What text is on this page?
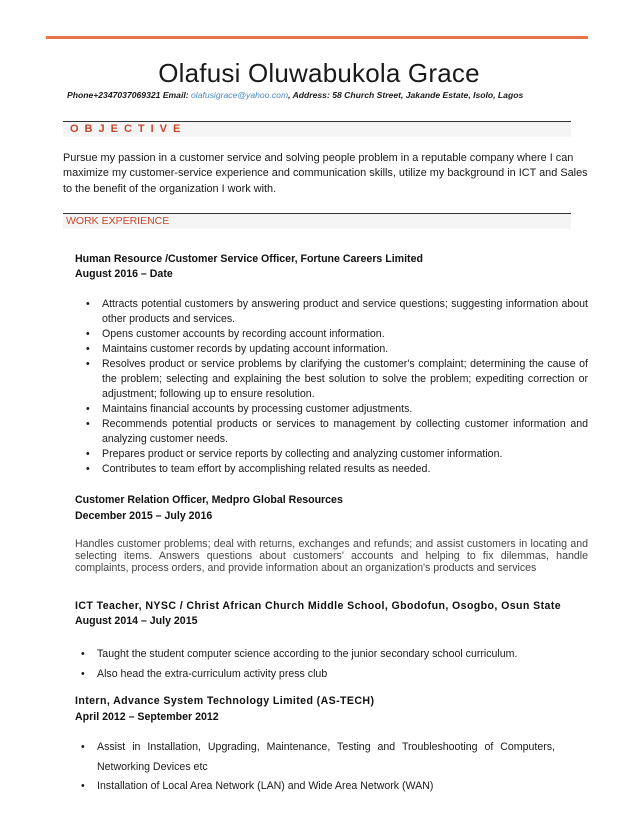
Olafusi Oluwabukola Grace
Phone+2347037069321 Email: olafusigrace@yahoo.com, Address: 58 Church Street, Jakande Estate, Isolo, Lagos
OBJECTIVE
Pursue my passion in a customer service and solving people problem in a reputable company where I can maximize my customer-service experience and communication skills, utilize my background in ICT and Sales to the benefit of the organization I work with.
WORK EXPERIENCE
Human Resource /Customer Service Officer, Fortune Careers Limited
August 2016 – Date
• Attracts potential customers by answering product and service questions; suggesting information about other products and services.
• Opens customer accounts by recording account information.
• Maintains customer records by updating account information.
• Resolves product or service problems by clarifying the customer's complaint; determining the cause of the problem; selecting and explaining the best solution to solve the problem; expediting correction or adjustment; following up to ensure resolution.
• Maintains financial accounts by processing customer adjustments.
• Recommends potential products or services to management by collecting customer information and analyzing customer needs.
• Prepares product or service reports by collecting and analyzing customer information.
• Contributes to team effort by accomplishing related results as needed.
Customer Relation Officer, Medpro Global Resources
December 2015 – July 2016
Handles customer problems; deal with returns, exchanges and refunds; and assist customers in locating and selecting items. Answers questions about customers' accounts and helping to fix dilemmas, handle complaints, process orders, and provide information about an organization's products and services
ICT Teacher, NYSC / Christ African Church Middle School, Gbodofun, Osogbo, Osun State
August 2014 – July 2015
• Taught the student computer science according to the junior secondary school curriculum.
• Also head the extra-curriculum activity press club
Intern, Advance System Technology Limited (AS-TECH)
April 2012 – September 2012
• Assist in Installation, Upgrading, Maintenance, Testing and Troubleshooting of Computers, Networking Devices etc
• Installation of Local Area Network (LAN) and Wide Area Network (WAN)
